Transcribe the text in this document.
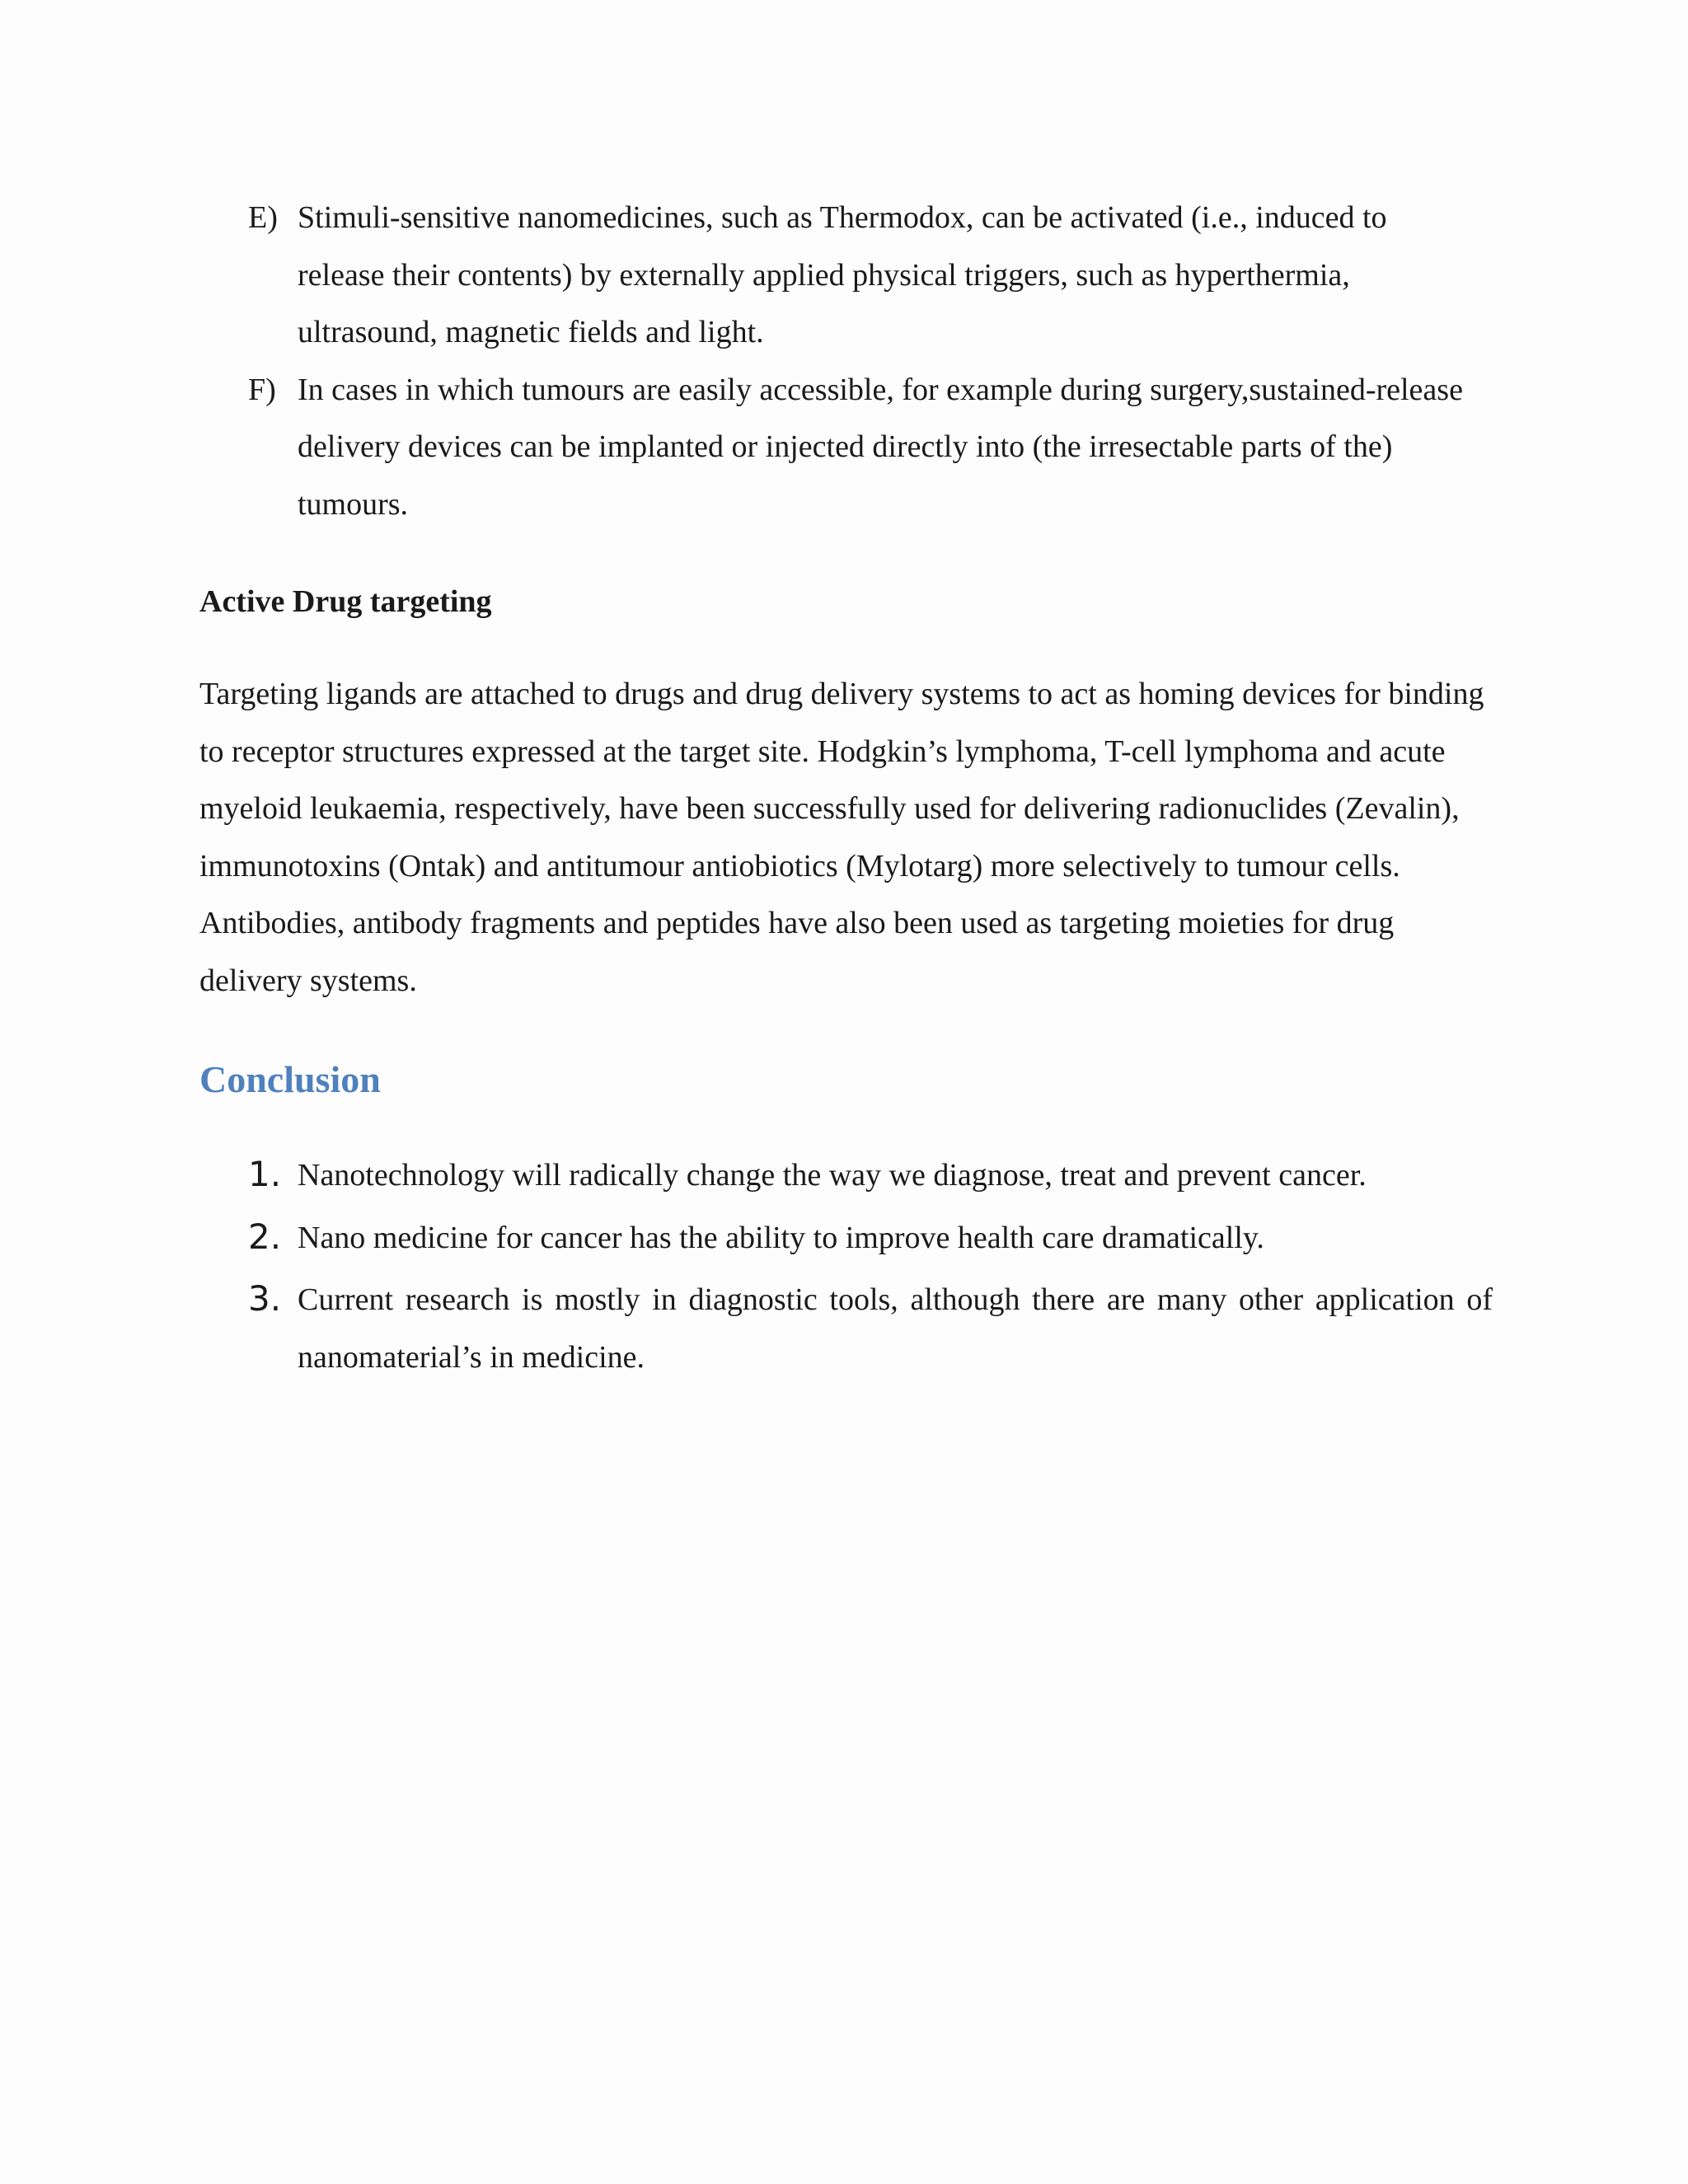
E) Stimuli-sensitive nanomedicines, such as Thermodox, can be activated (i.e., induced to release their contents) by externally applied physical triggers, such as hyperthermia, ultrasound, magnetic fields and light.
F) In cases in which tumours are easily accessible, for example during surgery,sustained-release delivery devices can be implanted or injected directly into (the irresectable parts of the) tumours.
Active Drug targeting

Targeting ligands are attached to drugs and drug delivery systems to act as homing devices for binding to receptor structures expressed at the target site. Hodgkin’s lymphoma, T-cell lymphoma and acute myeloid leukaemia, respectively, have been successfully used for delivering radionuclides (Zevalin), immunotoxins (Ontak) and antitumour antiobiotics (Mylotarg) more selectively to tumour cells. Antibodies, antibody fragments and peptides have also been used as targeting moieties for drug delivery systems.

Conclusion
1. Nanotechnology will radically change the way we diagnose, treat and prevent cancer.
2. Nano medicine for cancer has the ability to improve health care dramatically.
3. Current research is mostly in diagnostic tools, although there are many other application of nanomaterial’s in medicine.
